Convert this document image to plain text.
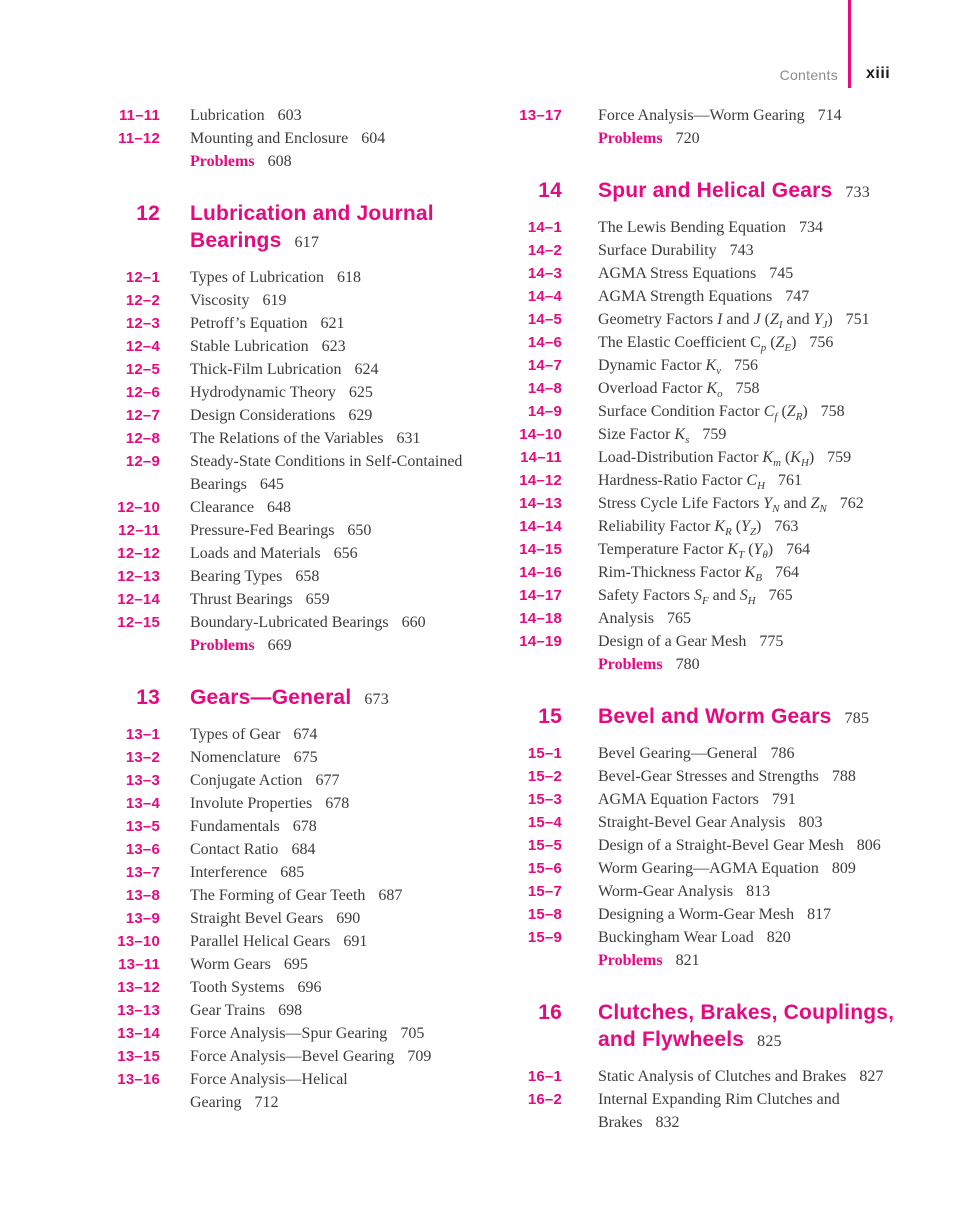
Contents xiii
11–11 Lubrication 603
11–12 Mounting and Enclosure 604
Problems 608
12 Lubrication and Journal
Bearings 617
12–1 Types of Lubrication 618
12–2 Viscosity 619
12–3 Petroff’s Equation 621
12–4 Stable Lubrication 623
12–5 Thick-Film Lubrication 624
12–6 Hydrodynamic Theory 625
12–7 Design Considerations 629
12–8 The Relations of the Variables 631
12–9 Steady-State Conditions in Self-Contained
Bearings 645
12–10 Clearance 648
12–11 Pressure-Fed Bearings 650
12–12 Loads and Materials 656
12–13 Bearing Types 658
12–14 Thrust Bearings 659
12–15 Boundary-Lubricated Bearings 660
Problems 669
13 Gears—General 673
13–1 Types of Gear 674
13–2 Nomenclature 675
13–3 Conjugate Action 677
13–4 Involute Properties 678
13–5 Fundamentals 678
13–6 Contact Ratio 684
13–7 Interference 685
13–8 The Forming of Gear Teeth 687
13–9 Straight Bevel Gears 690
13–10 Parallel Helical Gears 691
13–11 Worm Gears 695
13–12 Tooth Systems 696
13–13 Gear Trains 698
13–14 Force Analysis—Spur Gearing 705
13–15 Force Analysis—Bevel Gearing 709
13–16 Force Analysis—Helical
Gearing 712
13–17 Force Analysis—Worm Gearing 714
Problems 720
14 Spur and Helical Gears 733
14–1 The Lewis Bending Equation 734
14–2 Surface Durability 743
14–3 AGMA Stress Equations 745
14–4 AGMA Strength Equations 747
14–5 Geometry Factors I and J ($Z_I$ and $Y_J$) 751
14–6 The Elastic Coefficient $C_p$ $(Z_E)$ 756
14–7 Dynamic Factor $K_v$ 756
14–8 Overload Factor $K_o$ 758
14–9 Surface Condition Factor $C_f$ $(Z_R)$ 758
14–10 Size Factor $K_s$ 759
14–11 Load-Distribution Factor $K_m$ $(K_H)$ 759
14–12 Hardness-Ratio Factor $C_H$ 761
14–13 Stress Cycle Life Factors $Y_N$ and $Z_N$ 762
14–14 Reliability Factor $K_R$ $(Y_Z)$ 763
14–15 Temperature Factor $K_T$ $(Y_\theta)$ 764
14–16 Rim-Thickness Factor $K_B$ 764
14–17 Safety Factors $S_F$ and $S_H$ 765
14–18 Analysis 765
14–19 Design of a Gear Mesh 775
Problems 780
15 Bevel and Worm Gears 785
15–1 Bevel Gearing—General 786
15–2 Bevel-Gear Stresses and Strengths 788
15–3 AGMA Equation Factors 791
15–4 Straight-Bevel Gear Analysis 803
15–5 Design of a Straight-Bevel Gear Mesh 806
15–6 Worm Gearing—AGMA Equation 809
15–7 Worm-Gear Analysis 813
15–8 Designing a Worm-Gear Mesh 817
15–9 Buckingham Wear Load 820
Problems 821
16 Clutches, Brakes, Couplings,
and Flywheels 825
16–1 Static Analysis of Clutches and Brakes 827
16–2 Internal Expanding Rim Clutches and
Brakes 832
